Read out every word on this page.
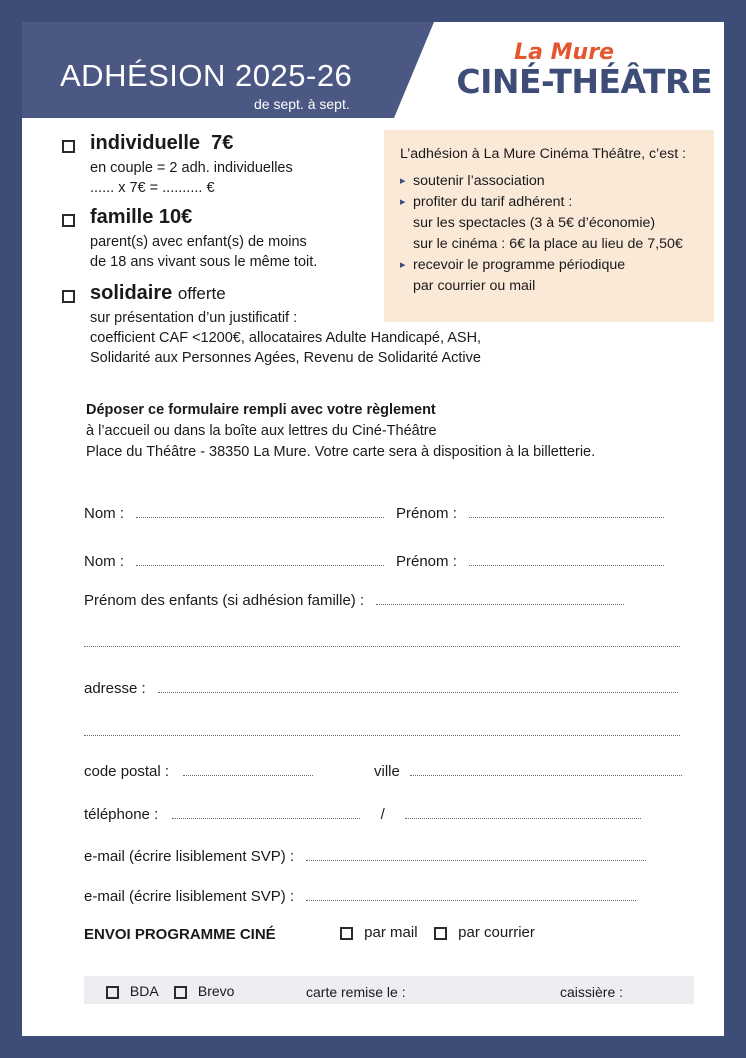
ADHÉSION 2025-26
de sept. à sept.
La Mure
CINÉ-THÉÂTRE
individuelle 7€
en couple = 2 adh. individuelles
...... x 7€ = .......... €
famille 10€
parent(s) avec enfant(s) de moins
de 18 ans vivant sous le même toit.
solidaire offerte
sur présentation d’un justificatif :
coefficient CAF <1200€, allocataires Adulte Handicapé, ASH,
Solidarité aux Personnes Agées, Revenu de Solidarité Active
L’adhésion à La Mure Cinéma Théâtre, c’est :
▸ soutenir l’association
▸ profiter du tarif adhérent :
sur les spectacles (3 à 5€ d’économie)
sur le cinéma : 6€ la place au lieu de 7,50€
▸ recevoir le programme périodique
par courrier ou mail
Déposer ce formulaire rempli avec votre règlement
à l’accueil ou dans la boîte aux lettres du Ciné-Théâtre
Place du Théâtre - 38350 La Mure. Votre carte sera à disposition à la billetterie.
Nom :	Prénom :
Nom :	Prénom :
Prénom des enfants (si adhésion famille) :
adresse :
code postal :	ville
téléphone :	/
e-mail (écrire lisiblement SVP) :
e-mail (écrire lisiblement SVP) :
ENVOI PROGRAMME CINÉ	par mail	par courrier
BDA	Brevo	carte remise le :	caissière :
